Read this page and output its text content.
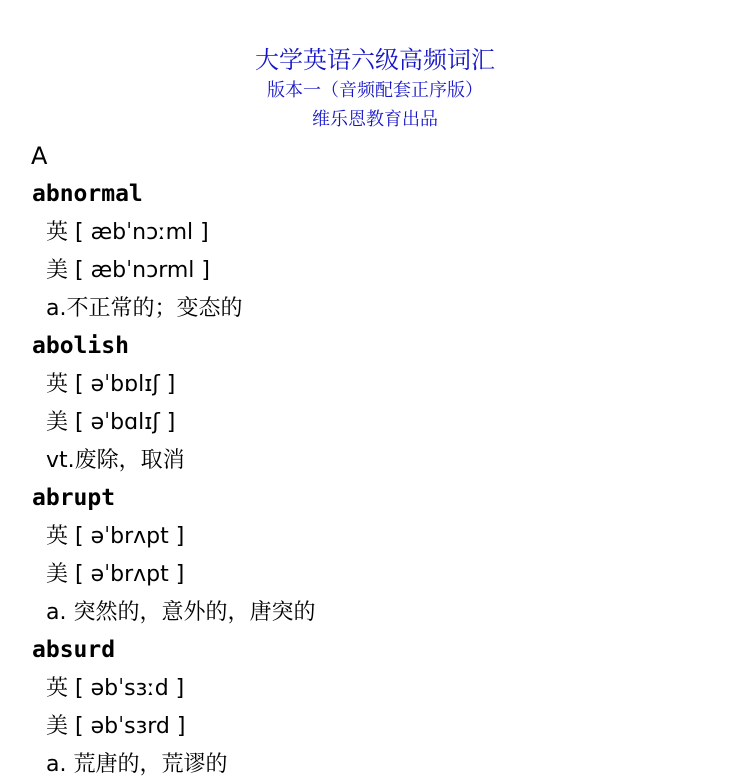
大学英语六级高频词汇
版本一（音频配套正序版）
维乐恩教育出品
A
abnormal
英 [ æbˈnɔːml ]
美 [ æbˈnɔrml ]
a.不正常的；变态的
abolish
英 [ əˈbɒlɪʃ ]
美 [ əˈbɑlɪʃ ]
vt.废除，取消
abrupt
英 [ əˈbrʌpt ]
美 [ əˈbrʌpt ]
a. 突然的，意外的，唐突的
absurd
英 [ əbˈsɜːd ]
美 [ əbˈsɜrd ]
a. 荒唐的，荒谬的
